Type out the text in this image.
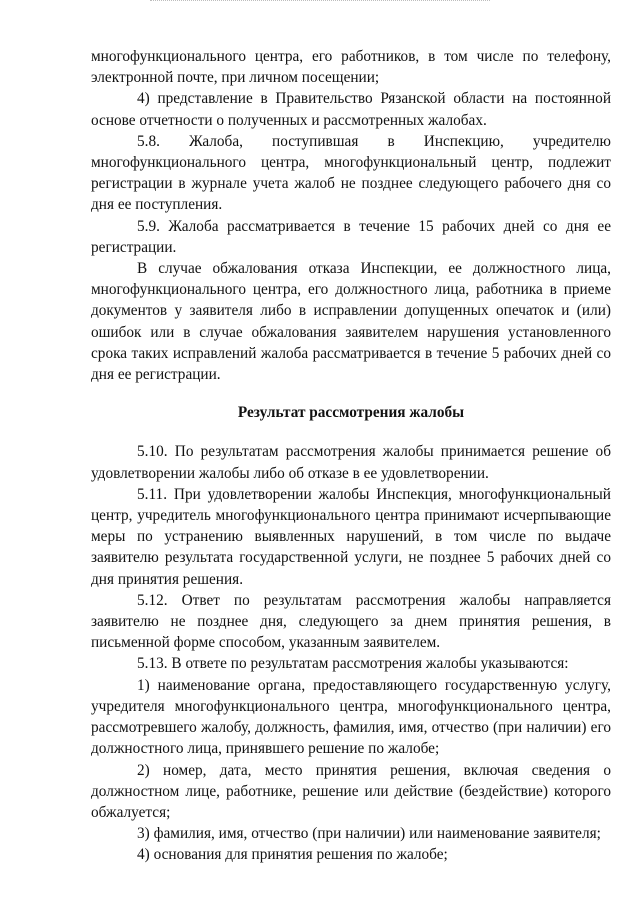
многофункционального центра, его работников, в том числе по телефону, электронной почте, при личном посещении;

4) представление в Правительство Рязанской области на постоянной основе отчетности о полученных и рассмотренных жалобах.

5.8. Жалоба, поступившая в Инспекцию, учредителю многофункционального центра, многофункциональный центр, подлежит регистрации в журнале учета жалоб не позднее следующего рабочего дня со дня ее поступления.

5.9. Жалоба рассматривается в течение 15 рабочих дней со дня ее регистрации.

В случае обжалования отказа Инспекции, ее должностного лица, многофункционального центра, его должностного лица, работника в приеме документов у заявителя либо в исправлении допущенных опечаток и (или) ошибок или в случае обжалования заявителем нарушения установленного срока таких исправлений жалоба рассматривается в течение 5 рабочих дней со дня ее регистрации.

Результат рассмотрения жалобы

5.10. По результатам рассмотрения жалобы принимается решение об удовлетворении жалобы либо об отказе в ее удовлетворении.

5.11. При удовлетворении жалобы Инспекция, многофункциональный центр, учредитель многофункционального центра принимают исчерпывающие меры по устранению выявленных нарушений, в том числе по выдаче заявителю результата государственной услуги, не позднее 5 рабочих дней со дня принятия решения.

5.12. Ответ по результатам рассмотрения жалобы направляется заявителю не позднее дня, следующего за днем принятия решения, в письменной форме способом, указанным заявителем.

5.13. В ответе по результатам рассмотрения жалобы указываются:

1) наименование органа, предоставляющего государственную услугу, учредителя многофункционального центра, многофункционального центра, рассмотревшего жалобу, должность, фамилия, имя, отчество (при наличии) его должностного лица, принявшего решение по жалобе;

2) номер, дата, место принятия решения, включая сведения о должностном лице, работнике, решение или действие (бездействие) которого обжалуется;

3) фамилия, имя, отчество (при наличии) или наименование заявителя;

4) основания для принятия решения по жалобе;
